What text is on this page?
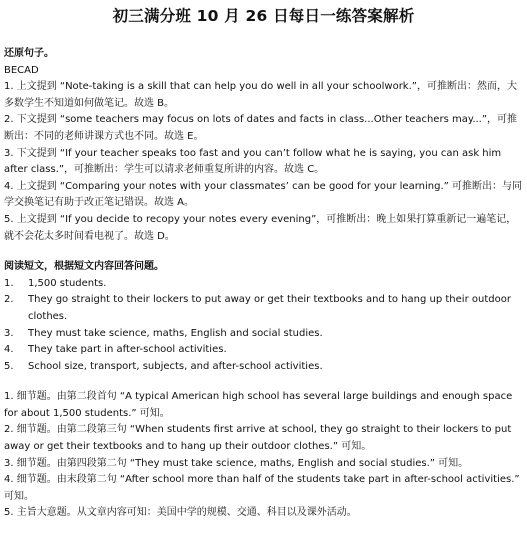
初三满分班 10 月 26 日每日一练答案解析

还原句子。

BECAD

1. 上文提到 “Note-taking is a skill that can help you do well in all your schoolwork.”，可推断出：然而，大多数学生不知道如何做笔记。故选 B。

2. 下文提到 “some teachers may focus on lots of dates and facts in class...Other teachers may...”，可推断出：不同的老师讲课方式也不同。故选 E。

3. 下文提到 “If your teacher speaks too fast and you can’t follow what he is saying, you can ask him after class.”，可推断出：学生可以请求老师重复所讲的内容。故选 C。

4. 上文提到 “Comparing your notes with your classmates’ can be good for your learning.” 可推断出：与同学交换笔记有助于改正笔记错误。故选 A。

5. 上文提到 “If you decide to recopy your notes every evening”，可推断出：晚上如果打算重新记一遍笔记，就不会花太多时间看电视了。故选 D。

阅读短文，根据短文内容回答问题。

1.	1,500 students.
2.	They go straight to their lockers to put away or get their textbooks and to hang up their outdoor clothes.
3.	They must take science, maths, English and social studies.
4.	They take part in after-school activities.
5.	School size, transport, subjects, and after-school activities.

1. 细节题。由第二段首句 “A typical American high school has several large buildings and enough space for about 1,500 students.” 可知。

2. 细节题。由第二段第三句 “When students first arrive at school, they go straight to their lockers to put away or get their textbooks and to hang up their outdoor clothes.” 可知。

3. 细节题。由第四段第二句 “They must take science, maths, English and social studies.” 可知。

4. 细节题。由末段第二句 “After school more than half of the students take part in after-school activities.” 可知。

5. 主旨大意题。从文章内容可知：美国中学的规模、交通、科目以及课外活动。
